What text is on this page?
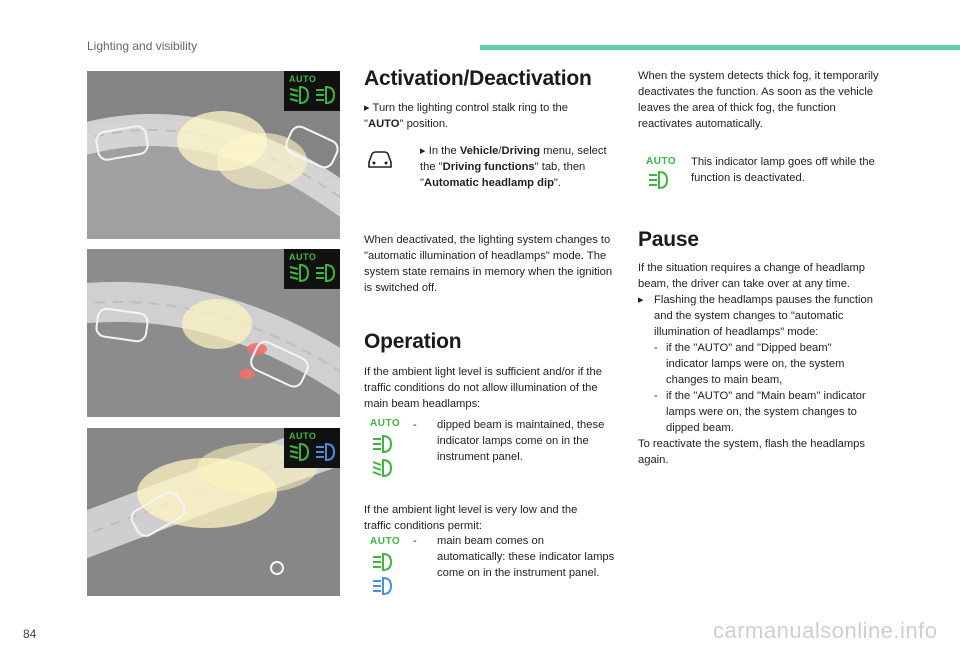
Lighting and visibility
AUTO
AUTO
AUTO
Activation/Deactivation
▸ Turn the lighting control stalk ring to the "AUTO" position.
▸ In the Vehicle/Driving menu, select the "Driving functions" tab, then "Automatic headlamp dip".

When deactivated, the lighting system changes to "automatic illumination of headlamps" mode. The system state remains in memory when the ignition is switched off.

Operation

If the ambient light level is sufficient and/or if the traffic conditions do not allow illumination of the main beam headlamps:

AUTO -	dipped beam is maintained, these indicator lamps come on in the instrument panel.

If the ambient light level is very low and the traffic conditions permit:

AUTO -	main beam comes on automatically: these indicator lamps come on in the instrument panel.

When the system detects thick fog, it temporarily deactivates the function. As soon as the vehicle leaves the area of thick fog, the function reactivates automatically.

AUTO This indicator lamp goes off while the function is deactivated.

Pause

If the situation requires a change of headlamp beam, the driver can take over at any time.

▸ Flashing the headlamps pauses the function and the system changes to "automatic illumination of headlamps" mode:
- if the "AUTO" and "Dipped beam" indicator lamps were on, the system changes to main beam,
- if the "AUTO" and "Main beam" indicator lamps were on, the system changes to dipped beam.

To reactivate the system, flash the headlamps again.

84	carmanualsonline.info
